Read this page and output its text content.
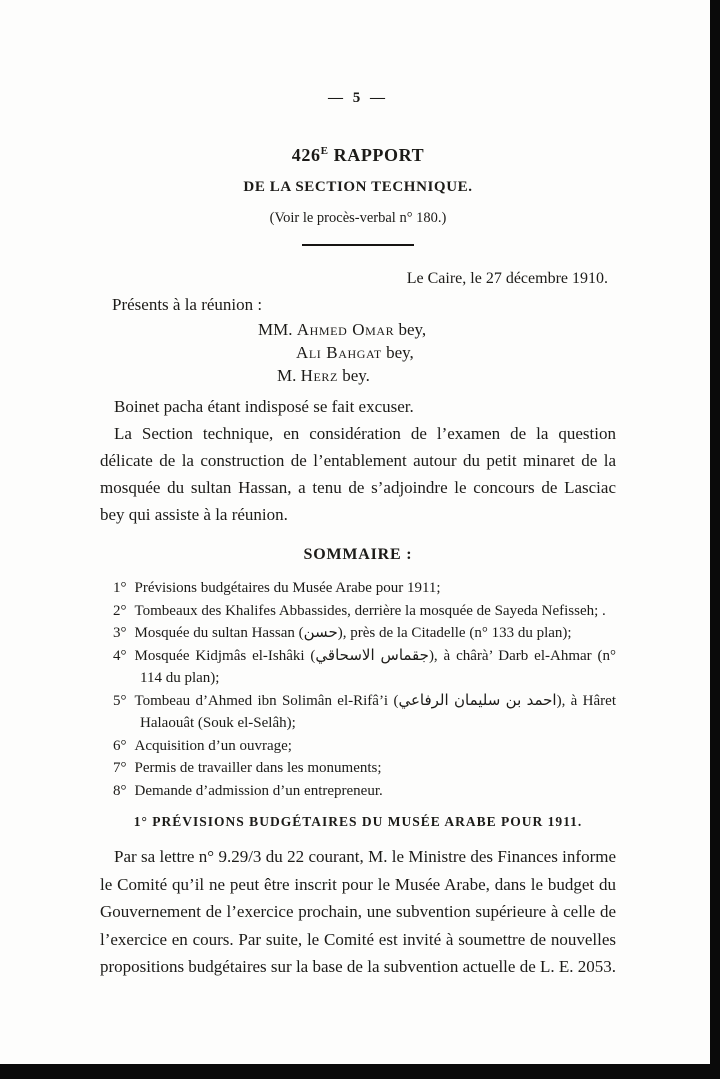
— 5 —
$426^E$ RAPPORT
DE LA SECTION TECHNIQUE.
(Voir le procès-verbal n° 180.)
Le Caire, le 27 décembre 1910.
Présents à la réunion :
MM. Ahmed Omar bey,
Ali Bahgat bey,
M. Herz bey.

Boinet pacha étant indisposé se fait excuser.

La Section technique, en considération de l’examen de la question délicate de la construction de l’entablement autour du petit minaret de la mosquée du sultan Hassan, a tenu de s’adjoindre le concours de Lasciac bey qui assiste à la réunion.

SOMMAIRE :
1° Prévisions budgétaires du Musée Arabe pour 1911;
2° Tombeaux des Khalifes Abbassides, derrière la mosquée de Sayeda Nefisseh; .
3° Mosquée du sultan Hassan (حسن), près de la Citadelle (n° 133 du plan);
4° Mosquée Kidjmâs el-Ishâki (جقماس الاسحاقي), à chârà’ Darb el-Ahmar (n° 114 du plan);
5° Tombeau d’Ahmed ibn Solimân el-Rifâ’i (احمد بن سليمان الرفاعي), à Hâret Halaouât (Souk el-Selâh);
6° Acquisition d’un ouvrage;
7° Permis de travailler dans les monuments;
8° Demande d’admission d’un entrepreneur.
1° PRÉVISIONS BUDGÉTAIRES DU MUSÉE ARABE POUR 1911.

Par sa lettre n° 9.29/3 du 22 courant, M. le Ministre des Finances informe le Comité qu’il ne peut être inscrit pour le Musée Arabe, dans le budget du Gouvernement de l’exercice prochain, une subvention supérieure à celle de l’exercice en cours. Par suite, le Comité est invité à soumettre de nouvelles propositions budgétaires sur la base de la subvention actuelle de L. E. 2053.
